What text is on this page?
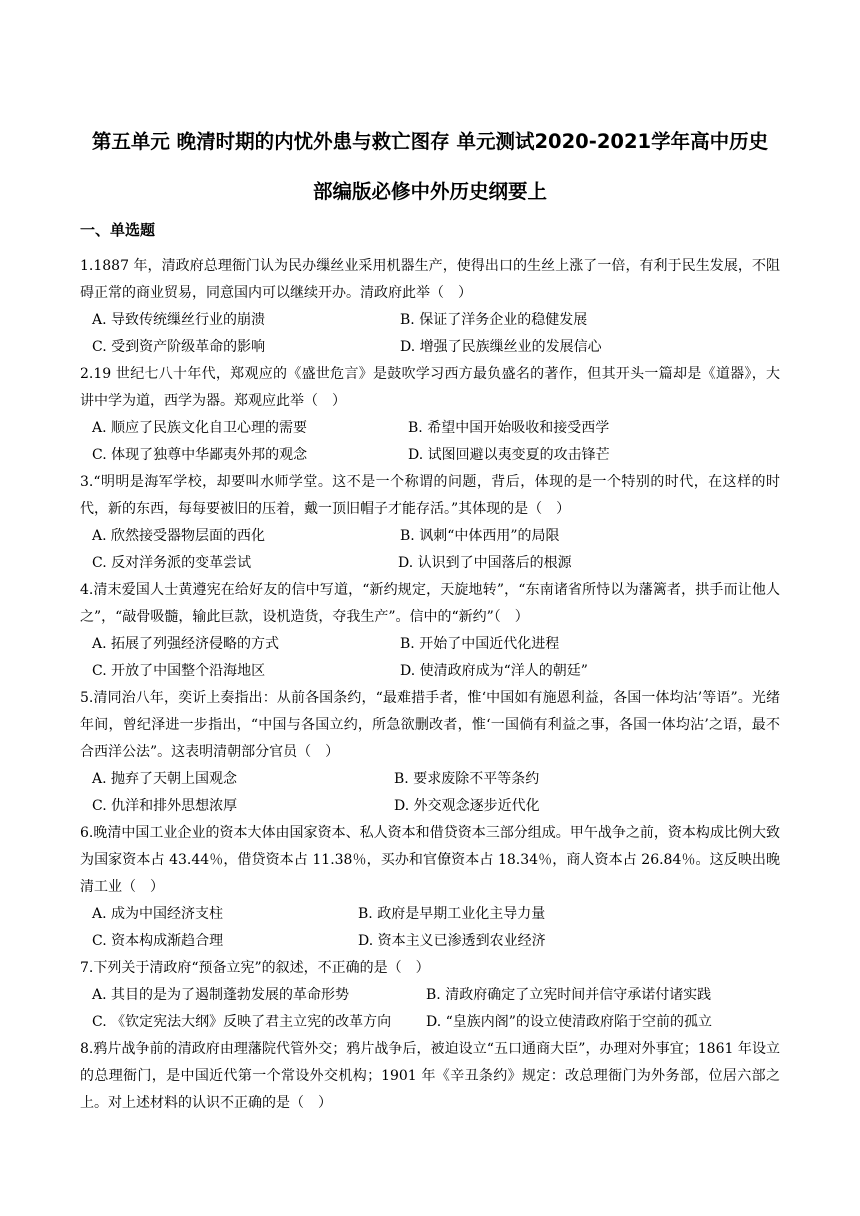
第五单元 晚清时期的内忧外患与救亡图存 单元测试2020-2021学年高中历史
部编版必修中外历史纲要上
一、单选题
1.1887 年，清政府总理衙门认为民办缫丝业采用机器生产，使得出口的生丝上涨了一倍，有利于民生发展，不阻碍正常的商业贸易，同意国内可以继续开办。清政府此举（　）
A. 导致传统缫丝行业的崩溃	B. 保证了洋务企业的稳健发展
C. 受到资产阶级革命的影响	D. 增强了民族缫丝业的发展信心
2.19 世纪七八十年代，郑观应的《盛世危言》是鼓吹学习西方最负盛名的著作，但其开头一篇却是《道器》，大讲中学为道，西学为器。郑观应此举（　）
A. 顺应了民族文化自卫心理的需要	B. 希望中国开始吸收和接受西学
C. 体现了独尊中华鄙夷外邦的观念	D. 试图回避以夷变夏的攻击锋芒
3.“明明是海军学校，却要叫水师学堂。这不是一个称谓的问题，背后，体现的是一个特别的时代，在这样的时代，新的东西，每每要被旧的压着，戴一顶旧帽子才能存活。”其体现的是（　）
A. 欣然接受器物层面的西化	B. 讽刺“中体西用”的局限
C. 反对洋务派的变革尝试	D. 认识到了中国落后的根源
4.清末爱国人士黄遵宪在给好友的信中写道，“新约规定，天旋地转”，“东南诸省所恃以为藩篱者，拱手而让他人之”，“敲骨吸髓，输此巨款，设机造货，夺我生产”。信中的“新约”（　）
A. 拓展了列强经济侵略的方式	B. 开始了中国近代化进程
C. 开放了中国整个沿海地区	D. 使清政府成为“洋人的朝廷”
5.清同治八年，奕䜣上奏指出：从前各国条约，“最难措手者，惟‘中国如有施恩利益，各国一体均沾’等语”。光绪年间，曾纪泽进一步指出，“中国与各国立约，所急欲删改者，惟‘一国倘有利益之事，各国一体均沾’之语，最不合西洋公法”。这表明清朝部分官员（　）
A. 抛弃了天朝上国观念	B. 要求废除不平等条约
C. 仇洋和排外思想浓厚	D. 外交观念逐步近代化
6.晚清中国工业企业的资本大体由国家资本、私人资本和借贷资本三部分组成。甲午战争之前，资本构成比例大致为国家资本占 43.44％，借贷资本占 11.38％，买办和官僚资本占 18.34％，商人资本占 26.84％。这反映出晚清工业（　）
A. 成为中国经济支柱	B. 政府是早期工业化主导力量
C. 资本构成渐趋合理	D. 资本主义已渗透到农业经济
7.下列关于清政府“预备立宪”的叙述，不正确的是（　）
A. 其目的是为了遏制蓬勃发展的革命形势	B. 清政府确定了立宪时间并信守承诺付诸实践
C. 《钦定宪法大纲》反映了君主立宪的改革方向 D. “皇族内阁”的设立使清政府陷于空前的孤立
8.鸦片战争前的清政府由理藩院代管外交；鸦片战争后，被迫设立“五口通商大臣”，办理对外事宜；1861 年设立的总理衙门，是中国近代第一个常设外交机构；1901 年《辛丑条约》规定：改总理衙门为外务部，位居六部之上。对上述材料的认识不正确的是（　）
